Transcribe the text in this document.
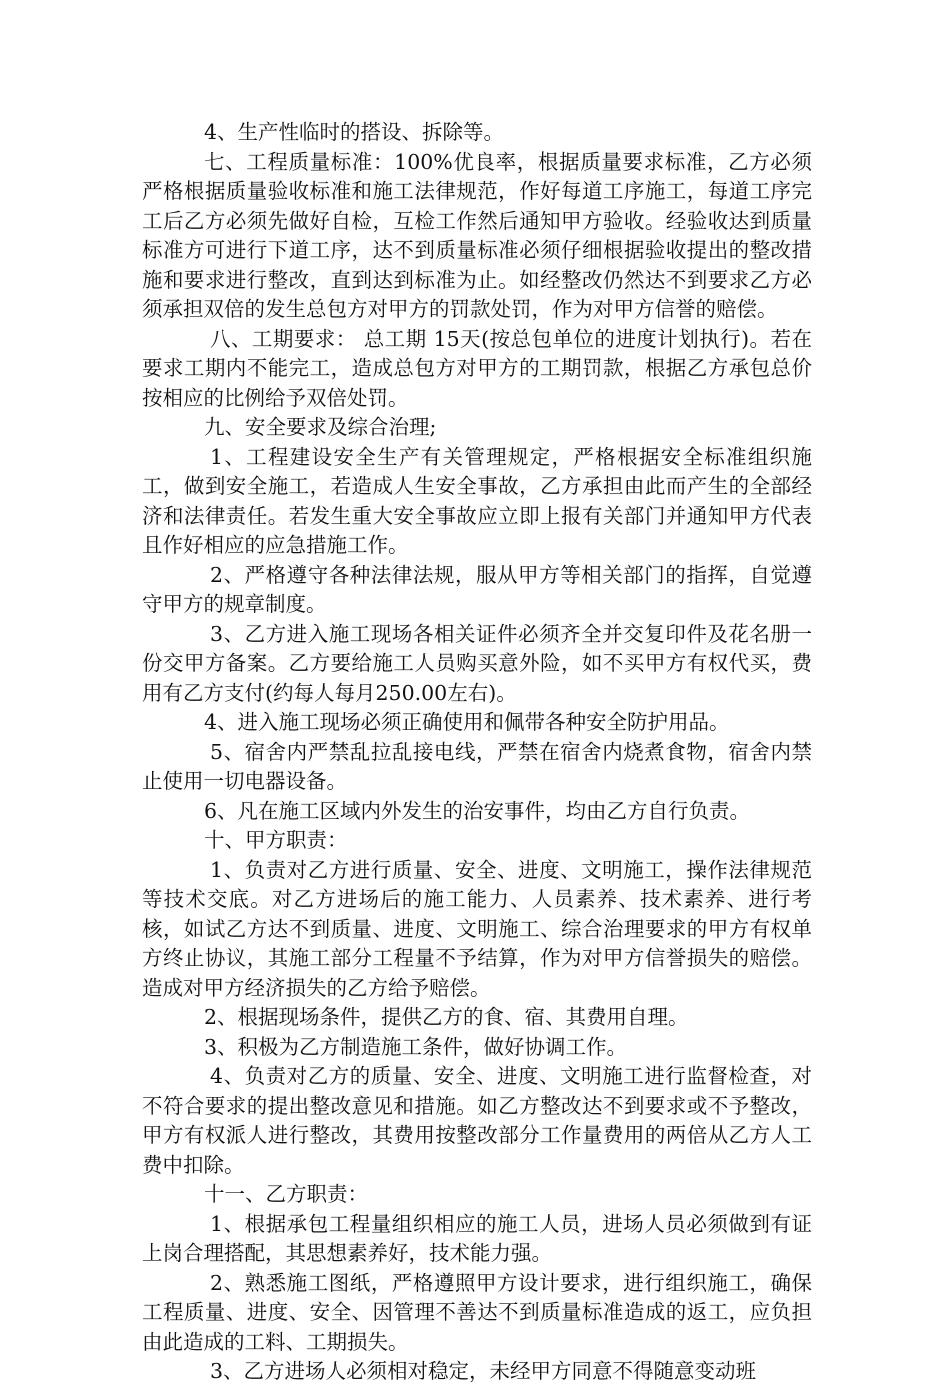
4、生产性临时的搭设、拆除等。

七、工程质量标准：100%优良率，根据质量要求标准，乙方必须严格根据质量验收标准和施工法律规范，作好每道工序施工，每道工序完工后乙方必须先做好自检，互检工作然后通知甲方验收。经验收达到质量标准方可进行下道工序，达不到质量标准必须仔细根据验收提出的整改措施和要求进行整改，直到达到标准为止。如经整改仍然达不到要求乙方必须承担双倍的发生总包方对甲方的罚款处罚，作为对甲方信誉的赔偿。

八、工期要求： 总工期 15天(按总包单位的进度计划执行)。若在要求工期内不能完工，造成总包方对甲方的工期罚款，根据乙方承包总价按相应的比例给予双倍处罚。

九、安全要求及综合治理;

1、工程建设安全生产有关管理规定，严格根据安全标准组织施工，做到安全施工，若造成人生安全事故，乙方承担由此而产生的全部经济和法律责任。若发生重大安全事故应立即上报有关部门并通知甲方代表且作好相应的应急措施工作。

2、严格遵守各种法律法规，服从甲方等相关部门的指挥，自觉遵守甲方的规章制度。

3、乙方进入施工现场各相关证件必须齐全并交复印件及花名册一份交甲方备案。乙方要给施工人员购买意外险，如不买甲方有权代买，费用有乙方支付(约每人每月250.00左右)。

4、进入施工现场必须正确使用和佩带各种安全防护用品。

5、宿舍内严禁乱拉乱接电线，严禁在宿舍内烧煮食物，宿舍内禁止使用一切电器设备。

6、凡在施工区域内外发生的治安事件，均由乙方自行负责。

十、甲方职责：

1、负责对乙方进行质量、安全、进度、文明施工，操作法律规范等技术交底。对乙方进场后的施工能力、人员素养、技术素养、进行考核，如试乙方达不到质量、进度、文明施工、综合治理要求的甲方有权单方终止协议，其施工部分工程量不予结算，作为对甲方信誉损失的赔偿。造成对甲方经济损失的乙方给予赔偿。

2、根据现场条件，提供乙方的食、宿、其费用自理。

3、积极为乙方制造施工条件，做好协调工作。

4、负责对乙方的质量、安全、进度、文明施工进行监督检查，对不符合要求的提出整改意见和措施。如乙方整改达不到要求或不予整改，甲方有权派人进行整改，其费用按整改部分工作量费用的两倍从乙方人工费中扣除。

十一、乙方职责：

1、根据承包工程量组织相应的施工人员，进场人员必须做到有证上岗合理搭配，其思想素养好，技术能力强。

2、熟悉施工图纸，严格遵照甲方设计要求，进行组织施工，确保工程质量、进度、安全、因管理不善达不到质量标准造成的返工，应负担由此造成的工料、工期损失。

3、乙方进场人必须相对稳定，未经甲方同意不得随意变动班
